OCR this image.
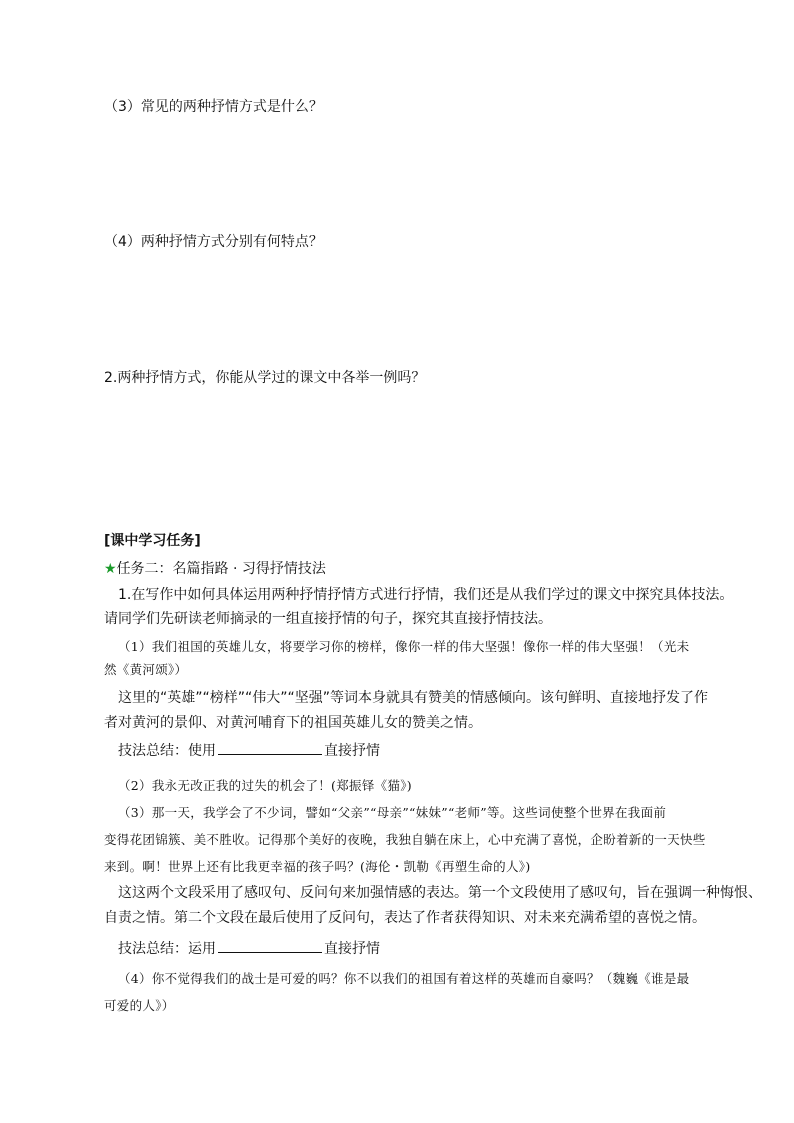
（3）常见的两种抒情方式是什么？
（4）两种抒情方式分别有何特点？
2.两种抒情方式，你能从学过的课文中各举一例吗？
[课中学习任务]
★任务二：名篇指路 · 习得抒情技法
1.在写作中如何具体运用两种抒情抒情方式进行抒情，我们还是从我们学过的课文中探究具体技法。
请同学们先研读老师摘录的一组直接抒情的句子，探究其直接抒情技法。
（1）我们祖国的英雄儿女，将要学习你的榜样，像你一样的伟大坚强！像你一样的伟大坚强！（光未
然《黄河颂》）
这里的“英雄”“榜样”“伟大”“坚强”等词本身就具有赞美的情感倾向。该句鲜明、直接地抒发了作
者对黄河的景仰、对黄河哺育下的祖国英雄儿女的赞美之情。
技法总结：使用	直接抒情
（2）我永无改正我的过失的机会了！(郑振铎《猫》)
（3）那一天，我学会了不少词，譬如“父亲”“母亲”“妹妹”“老师”等。这些词使整个世界在我面前
变得花团锦簇、美不胜收。记得那个美好的夜晚，我独自躺在床上，心中充满了喜悦，企盼着新的一天快些
来到。啊！世界上还有比我更幸福的孩子吗？(海伦・凯勒《再塑生命的人》)
这这两个文段采用了感叹句、反问句来加强情感的表达。第一个文段使用了感叹句，旨在强调一种悔恨、
自责之情。第二个文段在最后使用了反问句，表达了作者获得知识、对未来充满希望的喜悦之情。
技法总结：运用	直接抒情
（4）你不觉得我们的战士是可爱的吗？你不以我们的祖国有着这样的英雄而自豪吗？（魏巍《谁是最
可爱的人》）
